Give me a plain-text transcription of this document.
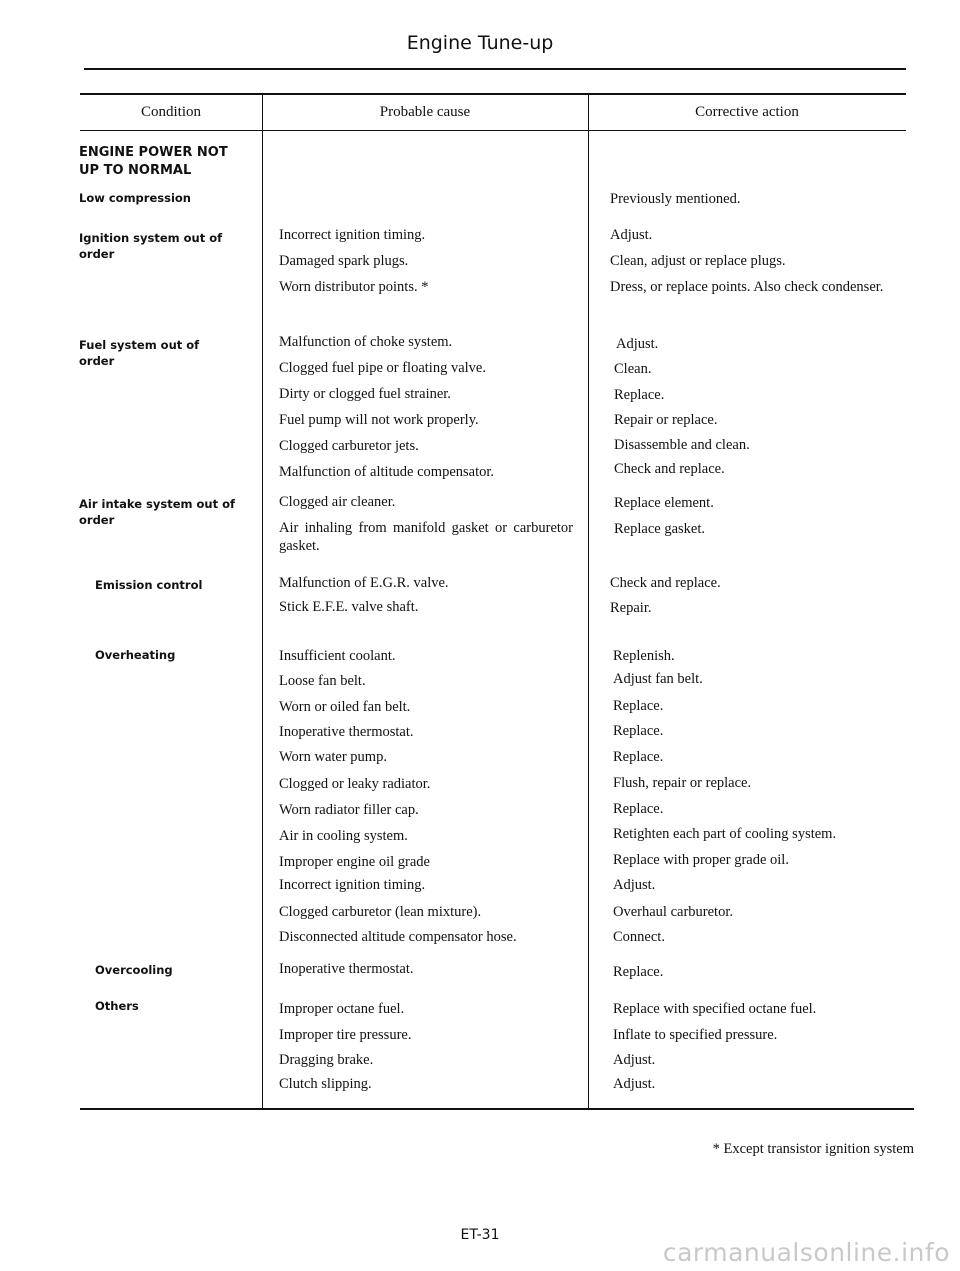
Engine Tune-up
Condition	Probable cause	Corrective action
ENGINE POWER NOT UP TO NORMAL
Low compression
Ignition system out of order
Fuel system out of order
Air intake system out of order
Emission control
Overheating
Overcooling
Others
Incorrect ignition timing.
Damaged spark plugs.
Worn distributor points. *
Malfunction of choke system.
Clogged fuel pipe or floating valve.
Dirty or clogged fuel strainer.
Fuel pump will not work properly.
Clogged carburetor jets.
Malfunction of altitude compensator.
Clogged air cleaner.
Air inhaling from manifold gasket or carburetor gasket.
Malfunction of E.G.R. valve.
Stick E.F.E. valve shaft.
Insufficient coolant.
Loose fan belt.
Worn or oiled fan belt.
Inoperative thermostat.
Worn water pump.
Clogged or leaky radiator.
Worn radiator filler cap.
Air in cooling system.
Improper engine oil grade
Incorrect ignition timing.
Clogged carburetor (lean mixture).
Disconnected altitude compensator hose.
Inoperative thermostat.
Improper octane fuel.
Improper tire pressure.
Dragging brake.
Clutch slipping.
Previously mentioned.
Adjust.
Clean, adjust or replace plugs.
Dress, or replace points. Also check condenser.
Adjust.
Clean.
Replace.
Repair or replace.
Disassemble and clean.
Check and replace.
Replace element.
Replace gasket.
Check and replace.
Repair.
Replenish.
Adjust fan belt.
Replace.
Replace.
Replace.
Flush, repair or replace.
Replace.
Retighten each part of cooling system.
Replace with proper grade oil.
Adjust.
Overhaul carburetor.
Connect.
Replace.
Replace with specified octane fuel.
Inflate to specified pressure.
Adjust.
Adjust.
* Except transistor ignition system
ET-31
carmanualsonline.info
